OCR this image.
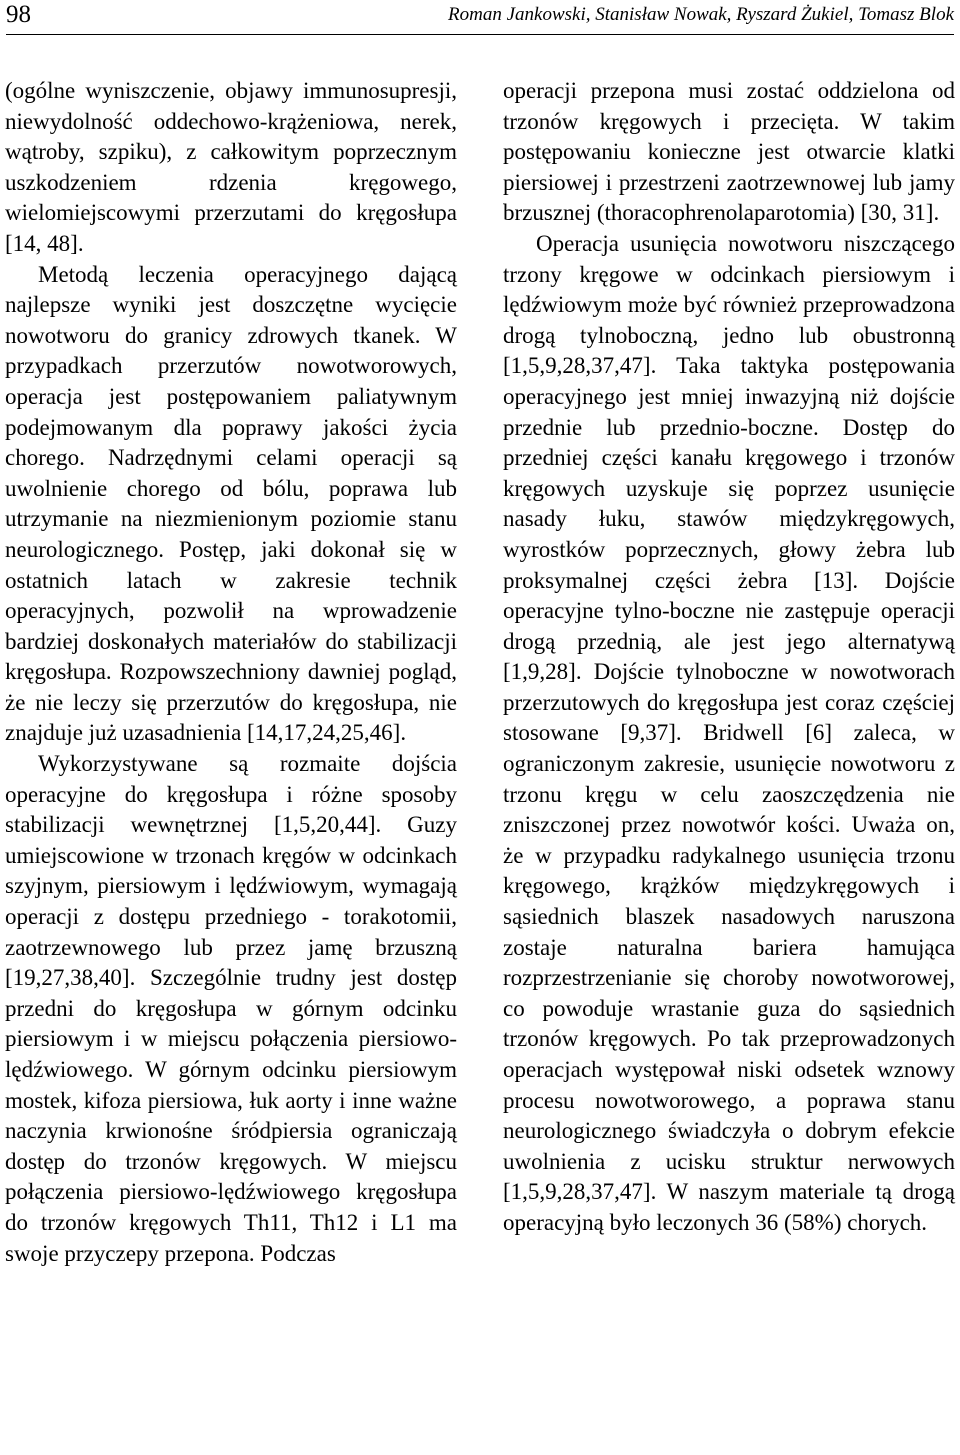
98	Roman Jankowski, Stanisław Nowak, Ryszard Żukiel, Tomasz Blok

(ogólne wyniszczenie, objawy immunosupresji, niewydolność oddechowo-krążeniowa, nerek, wątroby, szpiku), z całkowitym poprzecznym uszkodzeniem rdzenia kręgowego, wielomiejscowymi przerzutami do kręgosłupa [14, 48].

Metodą leczenia operacyjnego dającą najlepsze wyniki jest doszczętne wycięcie nowotworu do granicy zdrowych tkanek. W przypadkach przerzutów nowotworowych, operacja jest postępowaniem paliatywnym podejmowanym dla poprawy jakości życia chorego. Nadrzędnymi celami operacji są uwolnienie chorego od bólu, poprawa lub utrzymanie na niezmienionym poziomie stanu neurologicznego. Postęp, jaki dokonał się w ostatnich latach w zakresie technik operacyjnych, pozwolił na wprowadzenie bardziej doskonałych materiałów do stabilizacji kręgosłupa. Rozpowszechniony dawniej pogląd, że nie leczy się przerzutów do kręgosłupa, nie znajduje już uzasadnienia [14,17,24,25,46].

Wykorzystywane są rozmaite dojścia operacyjne do kręgosłupa i różne sposoby stabilizacji wewnętrznej [1,5,20,44]. Guzy umiejscowione w trzonach kręgów w odcinkach szyjnym, piersiowym i lędźwiowym, wymagają operacji z dostępu przedniego - torakotomii, zaotrzewnowego lub przez jamę brzuszną [19,27,38,40]. Szczególnie trudny jest dostęp przedni do kręgosłupa w górnym odcinku piersiowym i w miejscu połączenia piersiowo-lędźwiowego. W górnym odcinku piersiowym mostek, kifoza piersiowa, łuk aorty i inne ważne naczynia krwionośne śródpiersia ograniczają dostęp do trzonów kręgowych. W miejscu połączenia piersiowo-lędźwiowego kręgosłupa do trzonów kręgowych Th11, Th12 i L1 ma swoje przyczepy przepona. Podczas

operacji przepona musi zostać oddzielona od trzonów kręgowych i przecięta. W takim postępowaniu konieczne jest otwarcie klatki piersiowej i przestrzeni zaotrzewnowej lub jamy brzusznej (thoracophrenolaparotomia) [30, 31].

Operacja usunięcia nowotworu niszczącego trzony kręgowe w odcinkach piersiowym i lędźwiowym może być również przeprowadzona drogą tylnoboczną, jedno lub obustronną [1,5,9,28,37,47]. Taka taktyka postępowania operacyjnego jest mniej inwazyjną niż dojście przednie lub przednio-boczne. Dostęp do przedniej części kanału kręgowego i trzonów kręgowych uzyskuje się poprzez usunięcie nasady łuku, stawów międzykręgowych, wyrostków poprzecznych, głowy żebra lub proksymalnej części żebra [13]. Dojście operacyjne tylno-boczne nie zastępuje operacji drogą przednią, ale jest jego alternatywą [1,9,28]. Dojście tylnoboczne w nowotworach przerzutowych do kręgosłupa jest coraz częściej stosowane [9,37]. Bridwell [6] zaleca, w ograniczonym zakresie, usunięcie nowotworu z trzonu kręgu w celu zaoszczędzenia nie zniszczonej przez nowotwór kości. Uważa on, że w przypadku radykalnego usunięcia trzonu kręgowego, krążków międzykręgowych i sąsiednich blaszek nasadowych naruszona zostaje naturalna bariera hamująca rozprzestrzenianie się choroby nowotworowej, co powoduje wrastanie guza do sąsiednich trzonów kręgowych. Po tak przeprowadzonych operacjach występował niski odsetek wznowy procesu nowotworowego, a poprawa stanu neurologicznego świadczyła o dobrym efekcie uwolnienia z ucisku struktur nerwowych [1,5,9,28,37,47]. W naszym materiale tą drogą operacyjną było leczonych 36 (58%) chorych.
